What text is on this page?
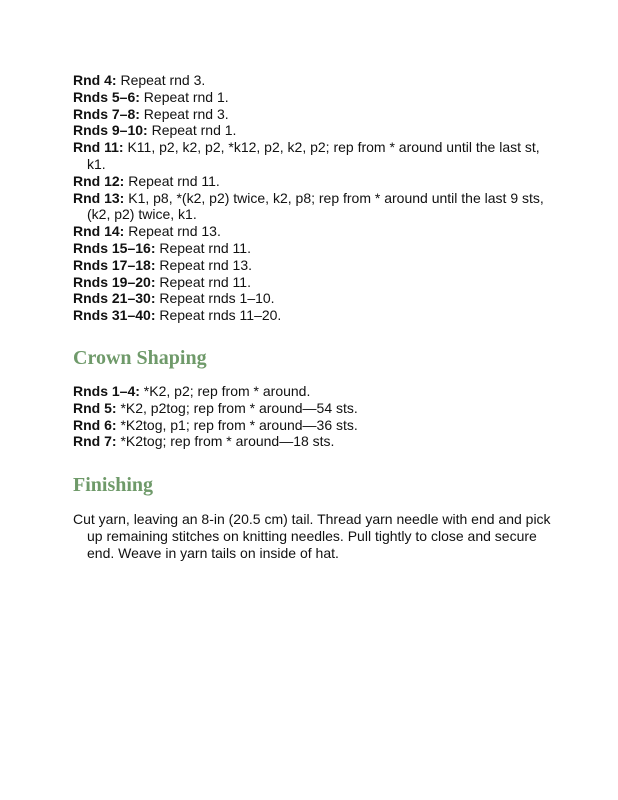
Rnd 4: Repeat rnd 3.

Rnds 5–6: Repeat rnd 1.

Rnds 7–8: Repeat rnd 3.

Rnds 9–10: Repeat rnd 1.

Rnd 11: K11, p2, k2, p2, *k12, p2, k2, p2; rep from * around until the last st, k1.

Rnd 12: Repeat rnd 11.

Rnd 13: K1, p8, *(k2, p2) twice, k2, p8; rep from * around until the last 9 sts, (k2, p2) twice, k1.

Rnd 14: Repeat rnd 13.

Rnds 15–16: Repeat rnd 11.

Rnds 17–18: Repeat rnd 13.

Rnds 19–20: Repeat rnd 11.

Rnds 21–30: Repeat rnds 1–10.

Rnds 31–40: Repeat rnds 11–20.

Crown Shaping

Rnds 1–4: *K2, p2; rep from * around.

Rnd 5: *K2, p2tog; rep from * around—54 sts.

Rnd 6: *K2tog, p1; rep from * around—36 sts.

Rnd 7: *K2tog; rep from * around—18 sts.

Finishing

Cut yarn, leaving an 8-in (20.5 cm) tail. Thread yarn needle with end and pick up remaining stitches on knitting needles. Pull tightly to close and secure end. Weave in yarn tails on inside of hat.
